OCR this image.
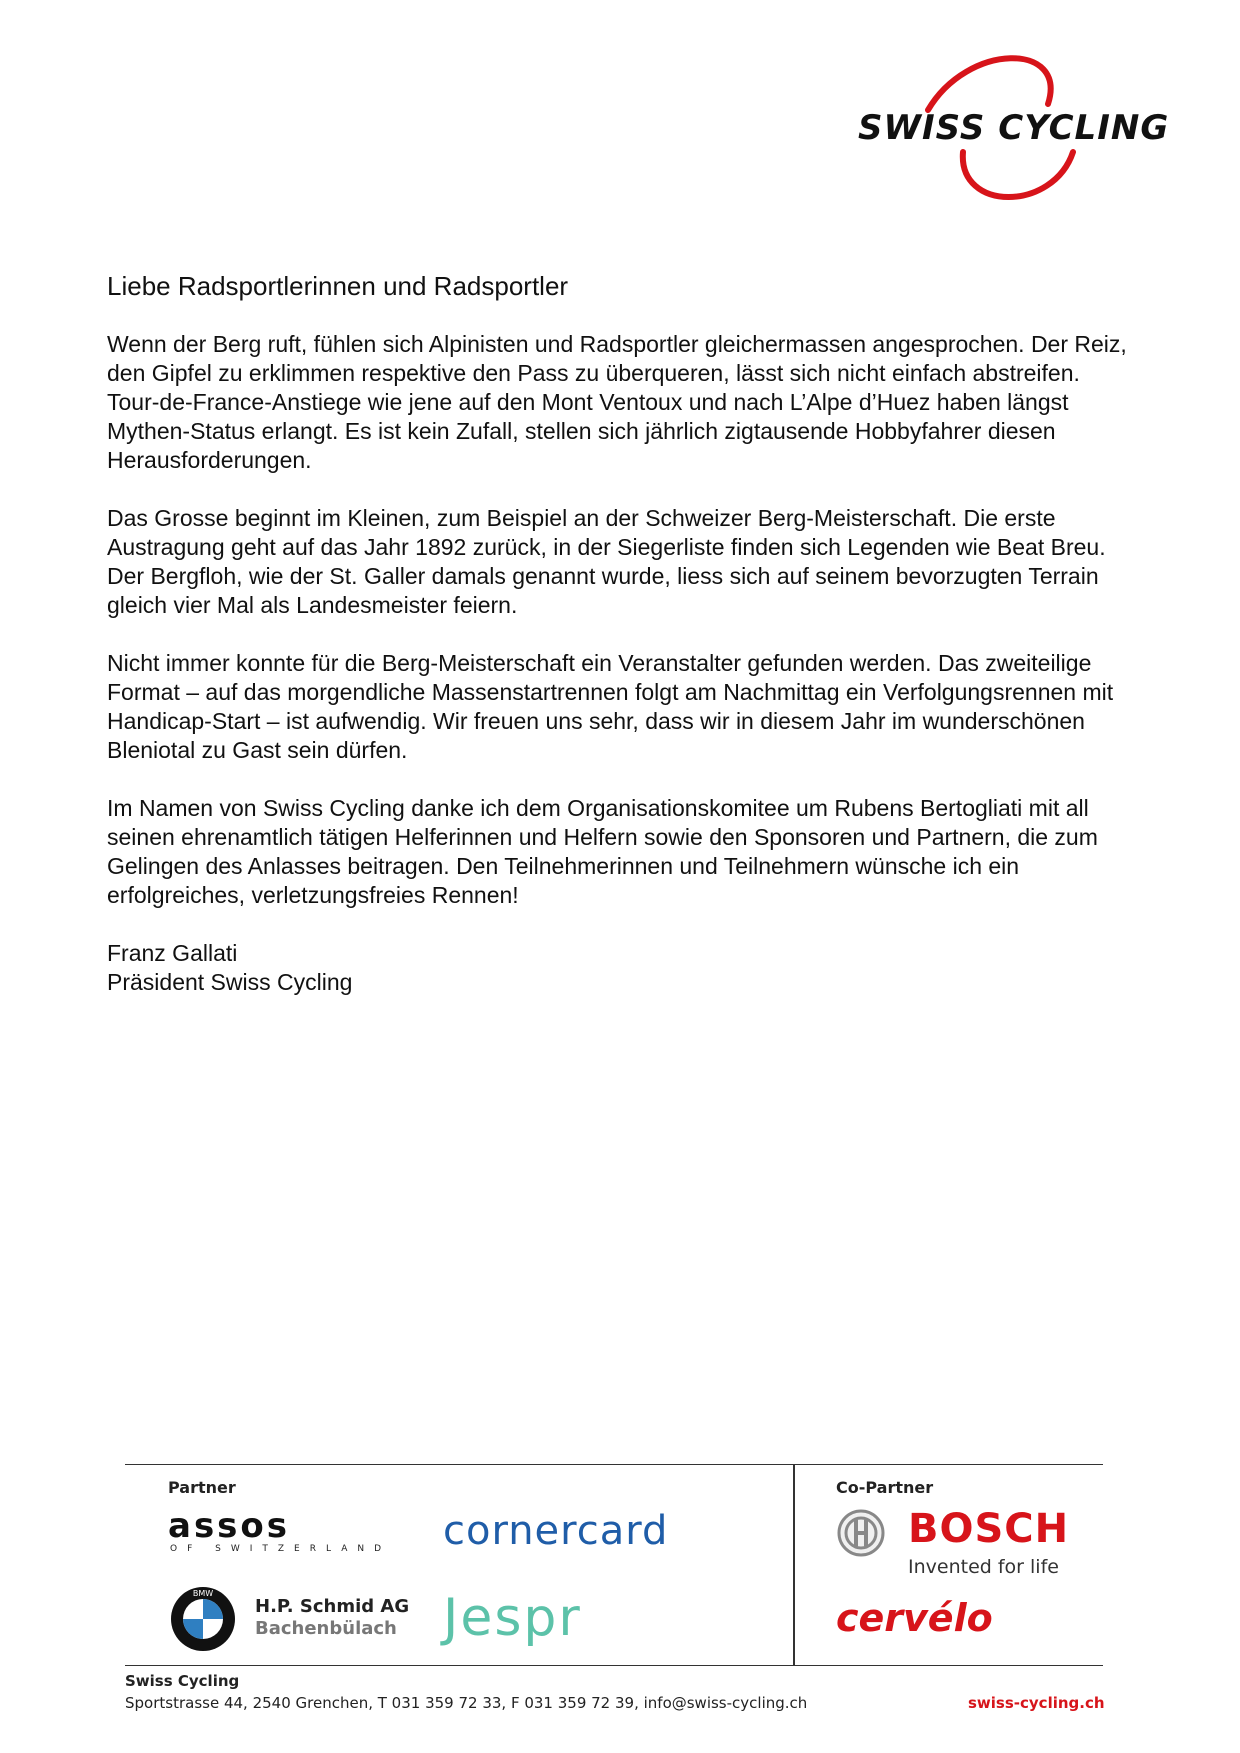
SWISS CYCLING

Liebe Radsportlerinnen und Radsportler

Wenn der Berg ruft, fühlen sich Alpinisten und Radsportler gleichermassen angesprochen. Der Reiz, den Gipfel zu erklimmen respektive den Pass zu überqueren, lässt sich nicht einfach abstreifen. Tour-de-France-Anstiege wie jene auf den Mont Ventoux und nach L’Alpe d’Huez haben längst Mythen-Status erlangt. Es ist kein Zufall, stellen sich jährlich zigtausende Hobbyfahrer diesen Herausforderungen.

Das Grosse beginnt im Kleinen, zum Beispiel an der Schweizer Berg-Meisterschaft. Die erste Austragung geht auf das Jahr 1892 zurück, in der Siegerliste finden sich Legenden wie Beat Breu. Der Bergfloh, wie der St. Galler damals genannt wurde, liess sich auf seinem bevorzugten Terrain gleich vier Mal als Landesmeister feiern.

Nicht immer konnte für die Berg-Meisterschaft ein Veranstalter gefunden werden. Das zweiteilige Format – auf das morgendliche Massenstartrennen folgt am Nachmittag ein Verfolgungsrennen mit Handicap-Start – ist aufwendig. Wir freuen uns sehr, dass wir in diesem Jahr im wunderschönen Bleniotal zu Gast sein dürfen.

Im Namen von Swiss Cycling danke ich dem Organisationskomitee um Rubens Bertogliati mit all seinen ehrenamtlich tätigen Helferinnen und Helfern sowie den Sponsoren und Partnern, die zum Gelingen des Anlasses beitragen. Den Teilnehmerinnen und Teilnehmern wünsche ich ein erfolgreiches, verletzungsfreies Rennen!

Franz Gallati

Präsident Swiss Cycling

Partner	Co-Partner
assos
OF SWITZERLAND	cornercard
BMW
H.P. Schmid AG
Bachenbülach Jespr
BOSCH
Invented for life
cervélo
Swiss Cycling
Sportstrasse 44, 2540 Grenchen, T 031 359 72 33, F 031 359 72 39, info@swiss-cycling.ch	swiss-cycling.ch
